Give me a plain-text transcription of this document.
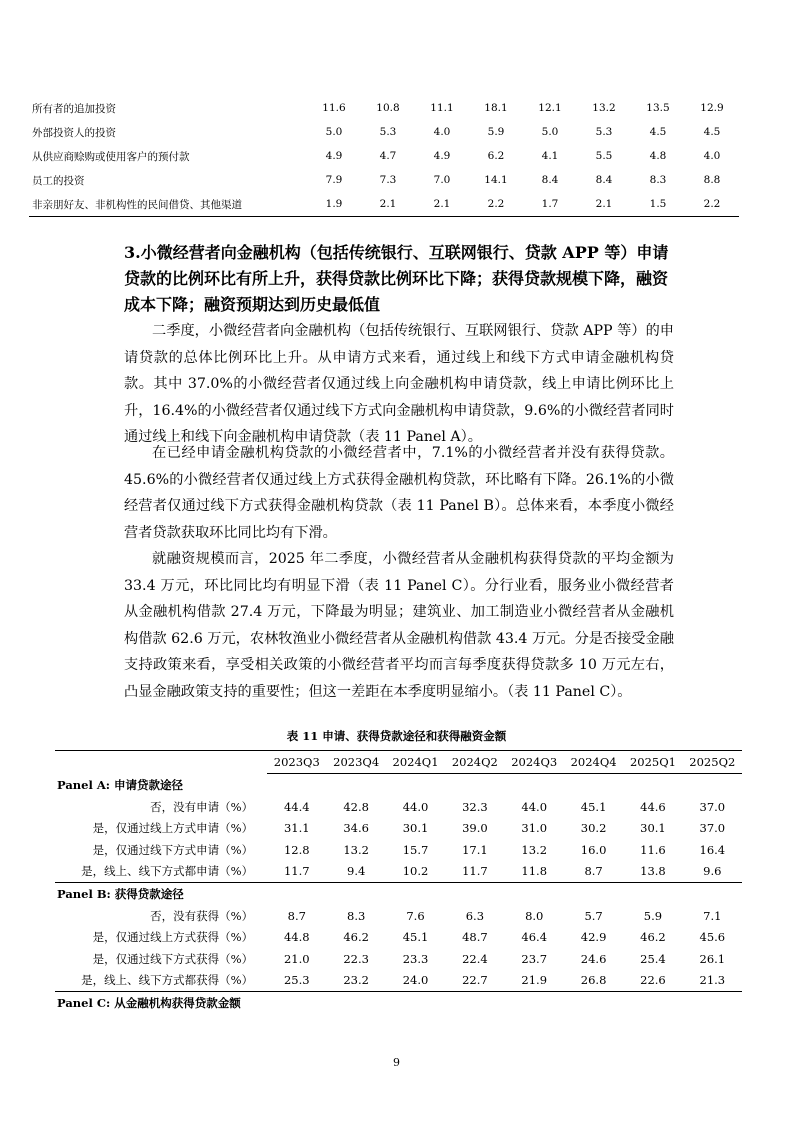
所有者的追加投资	11.6	10.8	11.1	18.1	12.1	13.2	13.5	12.9
外部投资人的投资	5.0	5.3	4.0	5.9	5.0	5.3	4.5	4.5
从供应商赊购或使用客户的预付款	4.9	4.7	4.9	6.2	4.1	5.5	4.8	4.0
员工的投资	7.9	7.3	7.0	14.1	8.4	8.4	8.3	8.8
非亲朋好友、非机构性的民间借贷、其他渠道	1.9	2.1	2.1	2.2	1.7	2.1	1.5	2.2
3.小微经营者向金融机构（包括传统银行、互联网银行、贷款 APP 等）申请贷款的比例环比有所上升，获得贷款比例环比下降；获得贷款规模下降，融资成本下降；融资预期达到历史最低值

二季度，小微经营者向金融机构（包括传统银行、互联网银行、贷款 APP 等）的申请贷款的总体比例环比上升。从申请方式来看，通过线上和线下方式申请金融机构贷款。其中 37.0%的小微经营者仅通过线上向金融机构申请贷款，线上申请比例环比上升，16.4%的小微经营者仅通过线下方式向金融机构申请贷款，9.6%的小微经营者同时通过线上和线下向金融机构申请贷款（表 11 Panel A）。

在已经申请金融机构贷款的小微经营者中，7.1%的小微经营者并没有获得贷款。45.6%的小微经营者仅通过线上方式获得金融机构贷款，环比略有下降。26.1%的小微经营者仅通过线下方式获得金融机构贷款（表 11 Panel B）。总体来看，本季度小微经营者贷款获取环比同比均有下滑。

就融资规模而言，2025 年二季度，小微经营者从金融机构获得贷款的平均金额为 33.4 万元，环比同比均有明显下滑（表 11 Panel C）。分行业看，服务业小微经营者从金融机构借款 27.4 万元，下降最为明显；建筑业、加工制造业小微经营者从金融机构借款 62.6 万元，农林牧渔业小微经营者从金融机构借款 43.4 万元。分是否接受金融支持政策来看，享受相关政策的小微经营者平均而言每季度获得贷款多 10 万元左右，凸显金融政策支持的重要性；但这一差距在本季度明显缩小。（表 11 Panel C）。

表 11 申请、获得贷款途径和获得融资金额
	2023Q3	2023Q4	2024Q1	2024Q2	2024Q3	2024Q4	2025Q1	2025Q2
Panel A: 申请贷款途径								
否，没有申请（%）	44.4	42.8	44.0	32.3	44.0	45.1	44.6	37.0
是，仅通过线上方式申请（%）	31.1	34.6	30.1	39.0	31.0	30.2	30.1	37.0
是，仅通过线下方式申请（%）	12.8	13.2	15.7	17.1	13.2	16.0	11.6	16.4
是，线上、线下方式都申请（%）	11.7	9.4	10.2	11.7	11.8	8.7	13.8	9.6
Panel B: 获得贷款途径								
否，没有获得（%）	8.7	8.3	7.6	6.3	8.0	5.7	5.9	7.1
是，仅通过线上方式获得（%）	44.8	46.2	45.1	48.7	46.4	42.9	46.2	45.6
是，仅通过线下方式获得（%）	21.0	22.3	23.3	22.4	23.7	24.6	25.4	26.1
是，线上、线下方式都获得（%）	25.3	23.2	24.0	22.7	21.9	26.8	22.6	21.3
Panel C: 从金融机构获得贷款金额								
9
